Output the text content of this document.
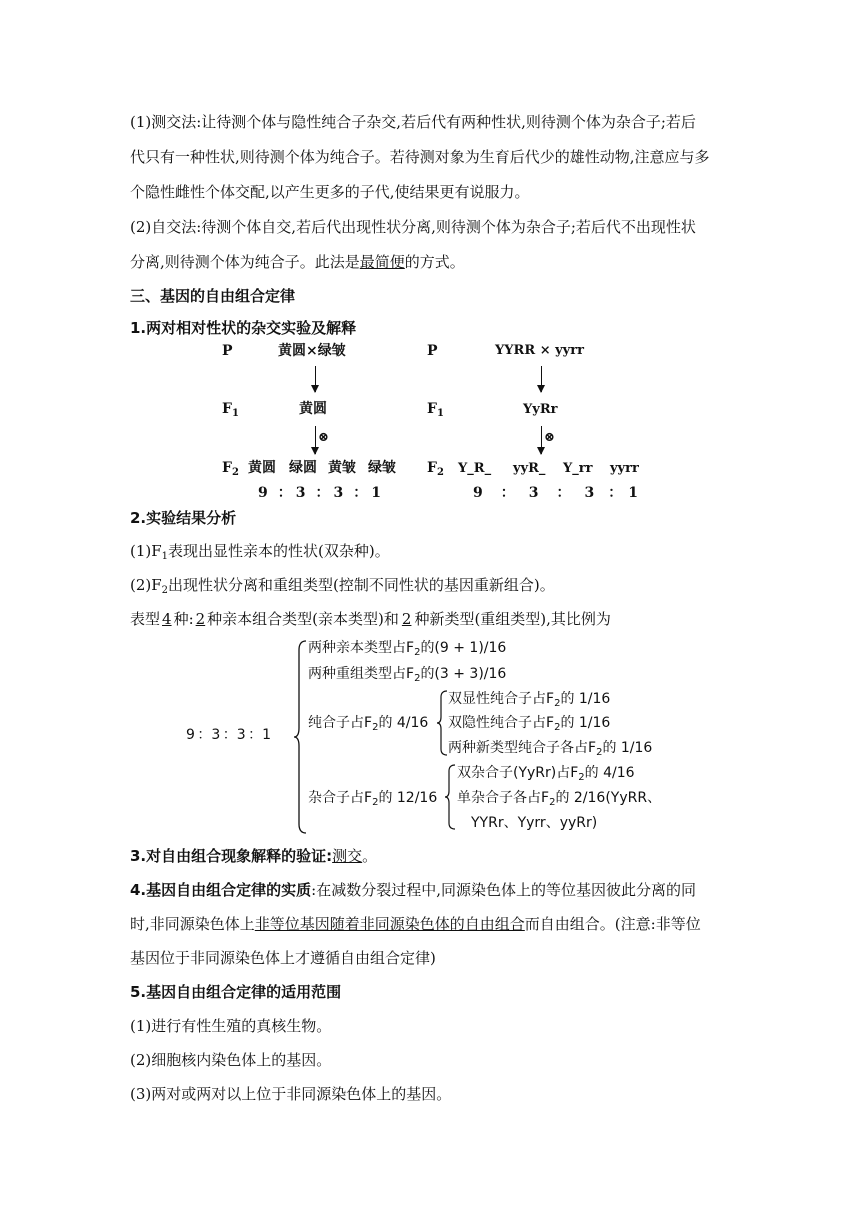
(1)测交法:让待测个体与隐性纯合子杂交,若后代有两种性状,则待测个体为杂合子;若后
代只有一种性状,则待测个体为纯合子。若待测对象为生育后代少的雄性动物,注意应与多
个隐性雌性个体交配,以产生更多的子代,使结果更有说服力。
(2)自交法:待测个体自交,若后代出现性状分离,则待测个体为杂合子;若后代不出现性状
分离,则待测个体为纯合子。此法是最简便的方式。
三、基因的自由组合定律
1.两对相对性状的杂交实验及解释
P	黄圆×绿皱
$F_1$	黄圆
⊗
$F_2$ 黄圆 绿圆 黄皱 绿皱
9 ： 3 ： 3 ： 1
P	YYRR × yyrr
$F_1$	YyRr
⊗
$F_2$ Y_R_ yyR_ Y_rr yyrr
9 ： 3 ： 3 ： 1
2.实验结果分析
$(1)F_1$表现出显性亲本的性状(双杂种)。
$(2)F_2$出现性状分离和重组类型(控制不同性状的基因重新组合)。
表型 4 种: 2 种亲本组合类型(亲本类型)和 2 种新类型(重组类型),其比例为
9 ：3 ：3 ：1
两种亲本类型占$F_2$的(9 + 1)/16
两种重组类型占$F_2$的(3 + 3)/16
纯合子占$F_2$的 4/16
双显性纯合子占$F_2$的 1/16
双隐性纯合子占$F_2$的 1/16
两种新类型纯合子各占$F_2$的 1/16
杂合子占$F_2$的 12/16
双杂合子(YyRr)占$F_2$的 4/16
单杂合子各占$F_2$的 2/16(YyRR、
YYRr、Yyrr、yyRr)
3.对自由组合现象解释的验证:测交。
4.基因自由组合定律的实质:在减数分裂过程中,同源染色体上的等位基因彼此分离的同
时,非同源染色体上非等位基因随着非同源染色体的自由组合而自由组合。(注意:非等位
基因位于非同源染色体上才遵循自由组合定律)
5.基因自由组合定律的适用范围
(1)进行有性生殖的真核生物。
(2)细胞核内染色体上的基因。
(3)两对或两对以上位于非同源染色体上的基因。
